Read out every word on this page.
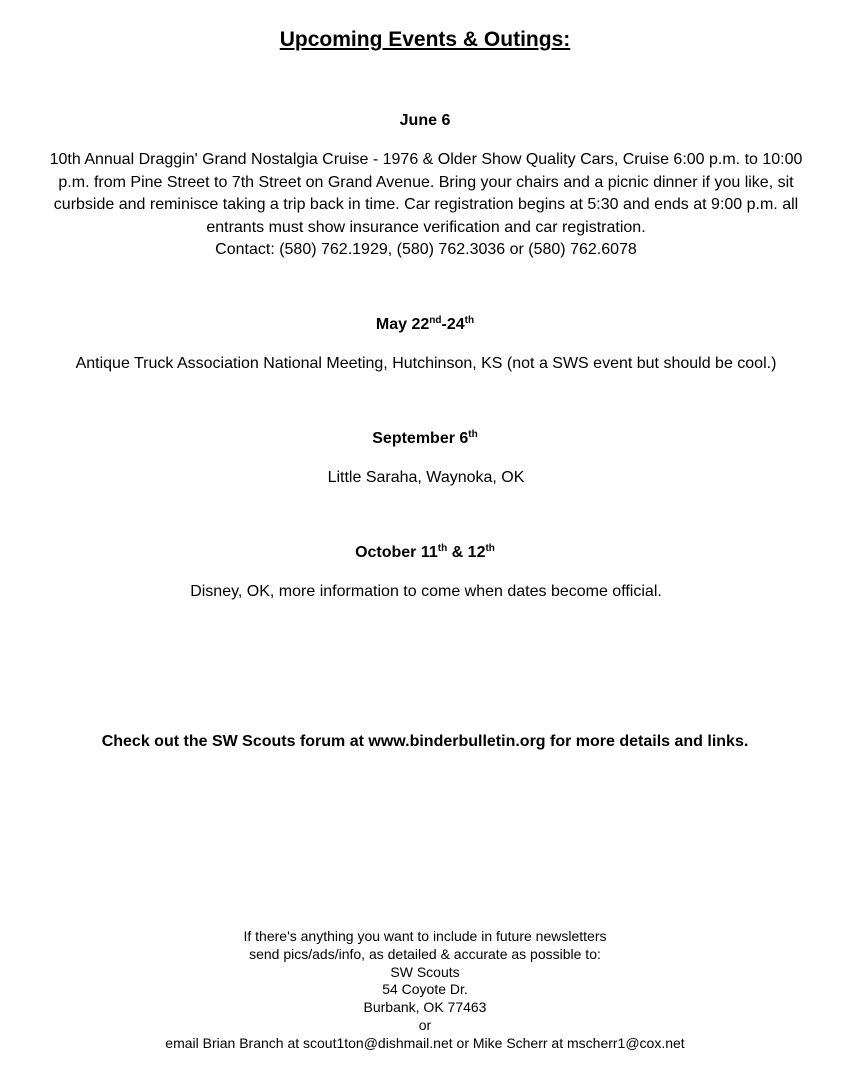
Upcoming Events & Outings:
June 6
10th Annual Draggin' Grand Nostalgia Cruise - 1976 & Older Show Quality Cars, Cruise 6:00 p.m. to 10:00
p.m. from Pine Street to 7th Street on Grand Avenue. Bring your chairs and a picnic dinner if you like, sit
curbside and reminisce taking a trip back in time. Car registration begins at 5:30 and ends at 9:00 p.m. all
entrants must show insurance verification and car registration.
Contact: (580) 762.1929, (580) 762.3036 or (580) 762.6078
May 22nd-24th
Antique Truck Association National Meeting, Hutchinson, KS (not a SWS event but should be cool.)
September 6th
Little Saraha, Waynoka, OK
October 11th & 12th
Disney, OK, more information to come when dates become official.
Check out the SW Scouts forum at www.binderbulletin.org for more details and links.
If there's anything you want to include in future newsletters
send pics/ads/info, as detailed & accurate as possible to:
SW Scouts
54 Coyote Dr.
Burbank, OK 77463
or
email Brian Branch at scout1ton@dishmail.net or Mike Scherr at mscherr1@cox.net
